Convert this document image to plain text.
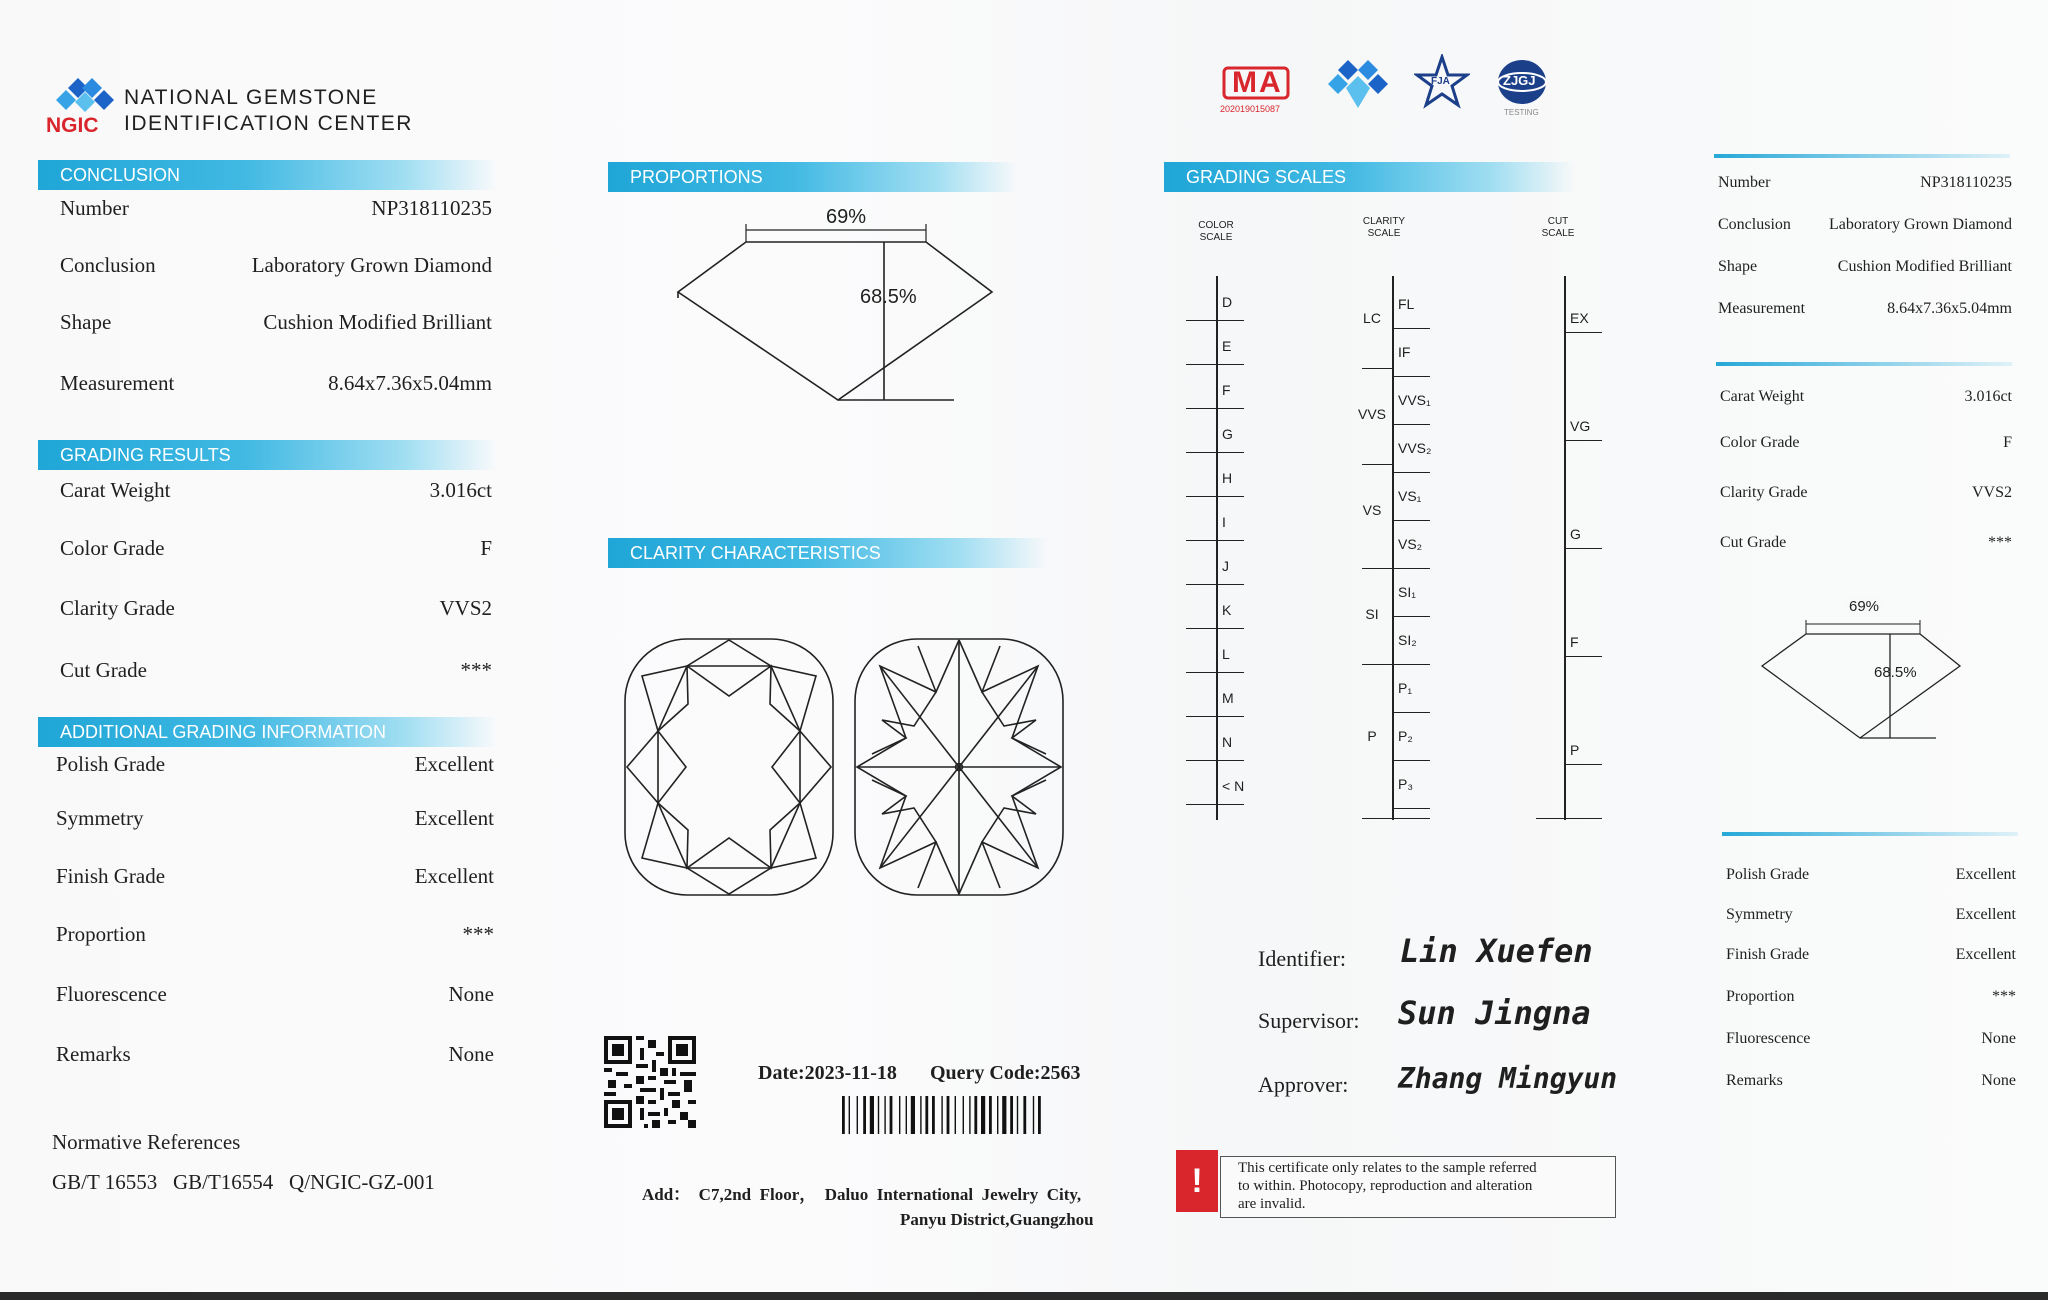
NGIC
NATIONAL GEMSTONE
IDENTIFICATION CENTER
CONCLUSION
Number	NP318110235
Conclusion	Laboratory Grown Diamond
Shape	Cushion Modified Brilliant
Measurement	8.64x7.36x5.04mm
GRADING RESULTS
Carat Weight	3.016ct
Color Grade	F
Clarity Grade	VVS2
Cut Grade	***
ADDITIONAL GRADING INFORMATION
Polish Grade	Excellent
Symmetry	Excellent
Finish Grade	Excellent
Proportion	***
Fluorescence	None
Remarks	None
Normative References
GB/T 16553   GB/T16554   Q/NGIC-GZ-001
PROPORTIONS
69%
68.5%
CLARITY CHARACTERISTICS
Date:2023-11-18 Query Code:2563
Add：  C7,2nd  Floor，  Daluo  International  Jewelry  City,
Panyu District,Guangzhou
MA
202019015087
FJA	ZJGJ
TESTING
GRADING SCALES
COLOR
SCALE
CLARITY
SCALE
CUT
SCALE
D
E
F
G
H
I
J
K
L
M
N
< N
FL
IF
VVS₁
VVS₂
VS₁
VS₂
SI₁
SI₂
P₁
P₂
P₃
LC
VVS
VS
SI
P
EX
VG
G
F
P
Identifier: Lin Xuefen
Supervisor: Sun Jingna
Approver: Zhang Mingyun
!	This certificate only relates to the sample referred
to within. Photocopy, reproduction and alteration
are invalid.
Number	NP318110235
Conclusion Laboratory Grown Diamond
Shape	Cushion Modified Brilliant
Measurement	8.64x7.36x5.04mm
Carat Weight	3.016ct
Color Grade	F
Clarity Grade	VVS2
Cut Grade	***
69%
68.5%
Polish Grade	Excellent
Symmetry	Excellent
Finish Grade	Excellent
Proportion	***
Fluorescence	None
Remarks	None
